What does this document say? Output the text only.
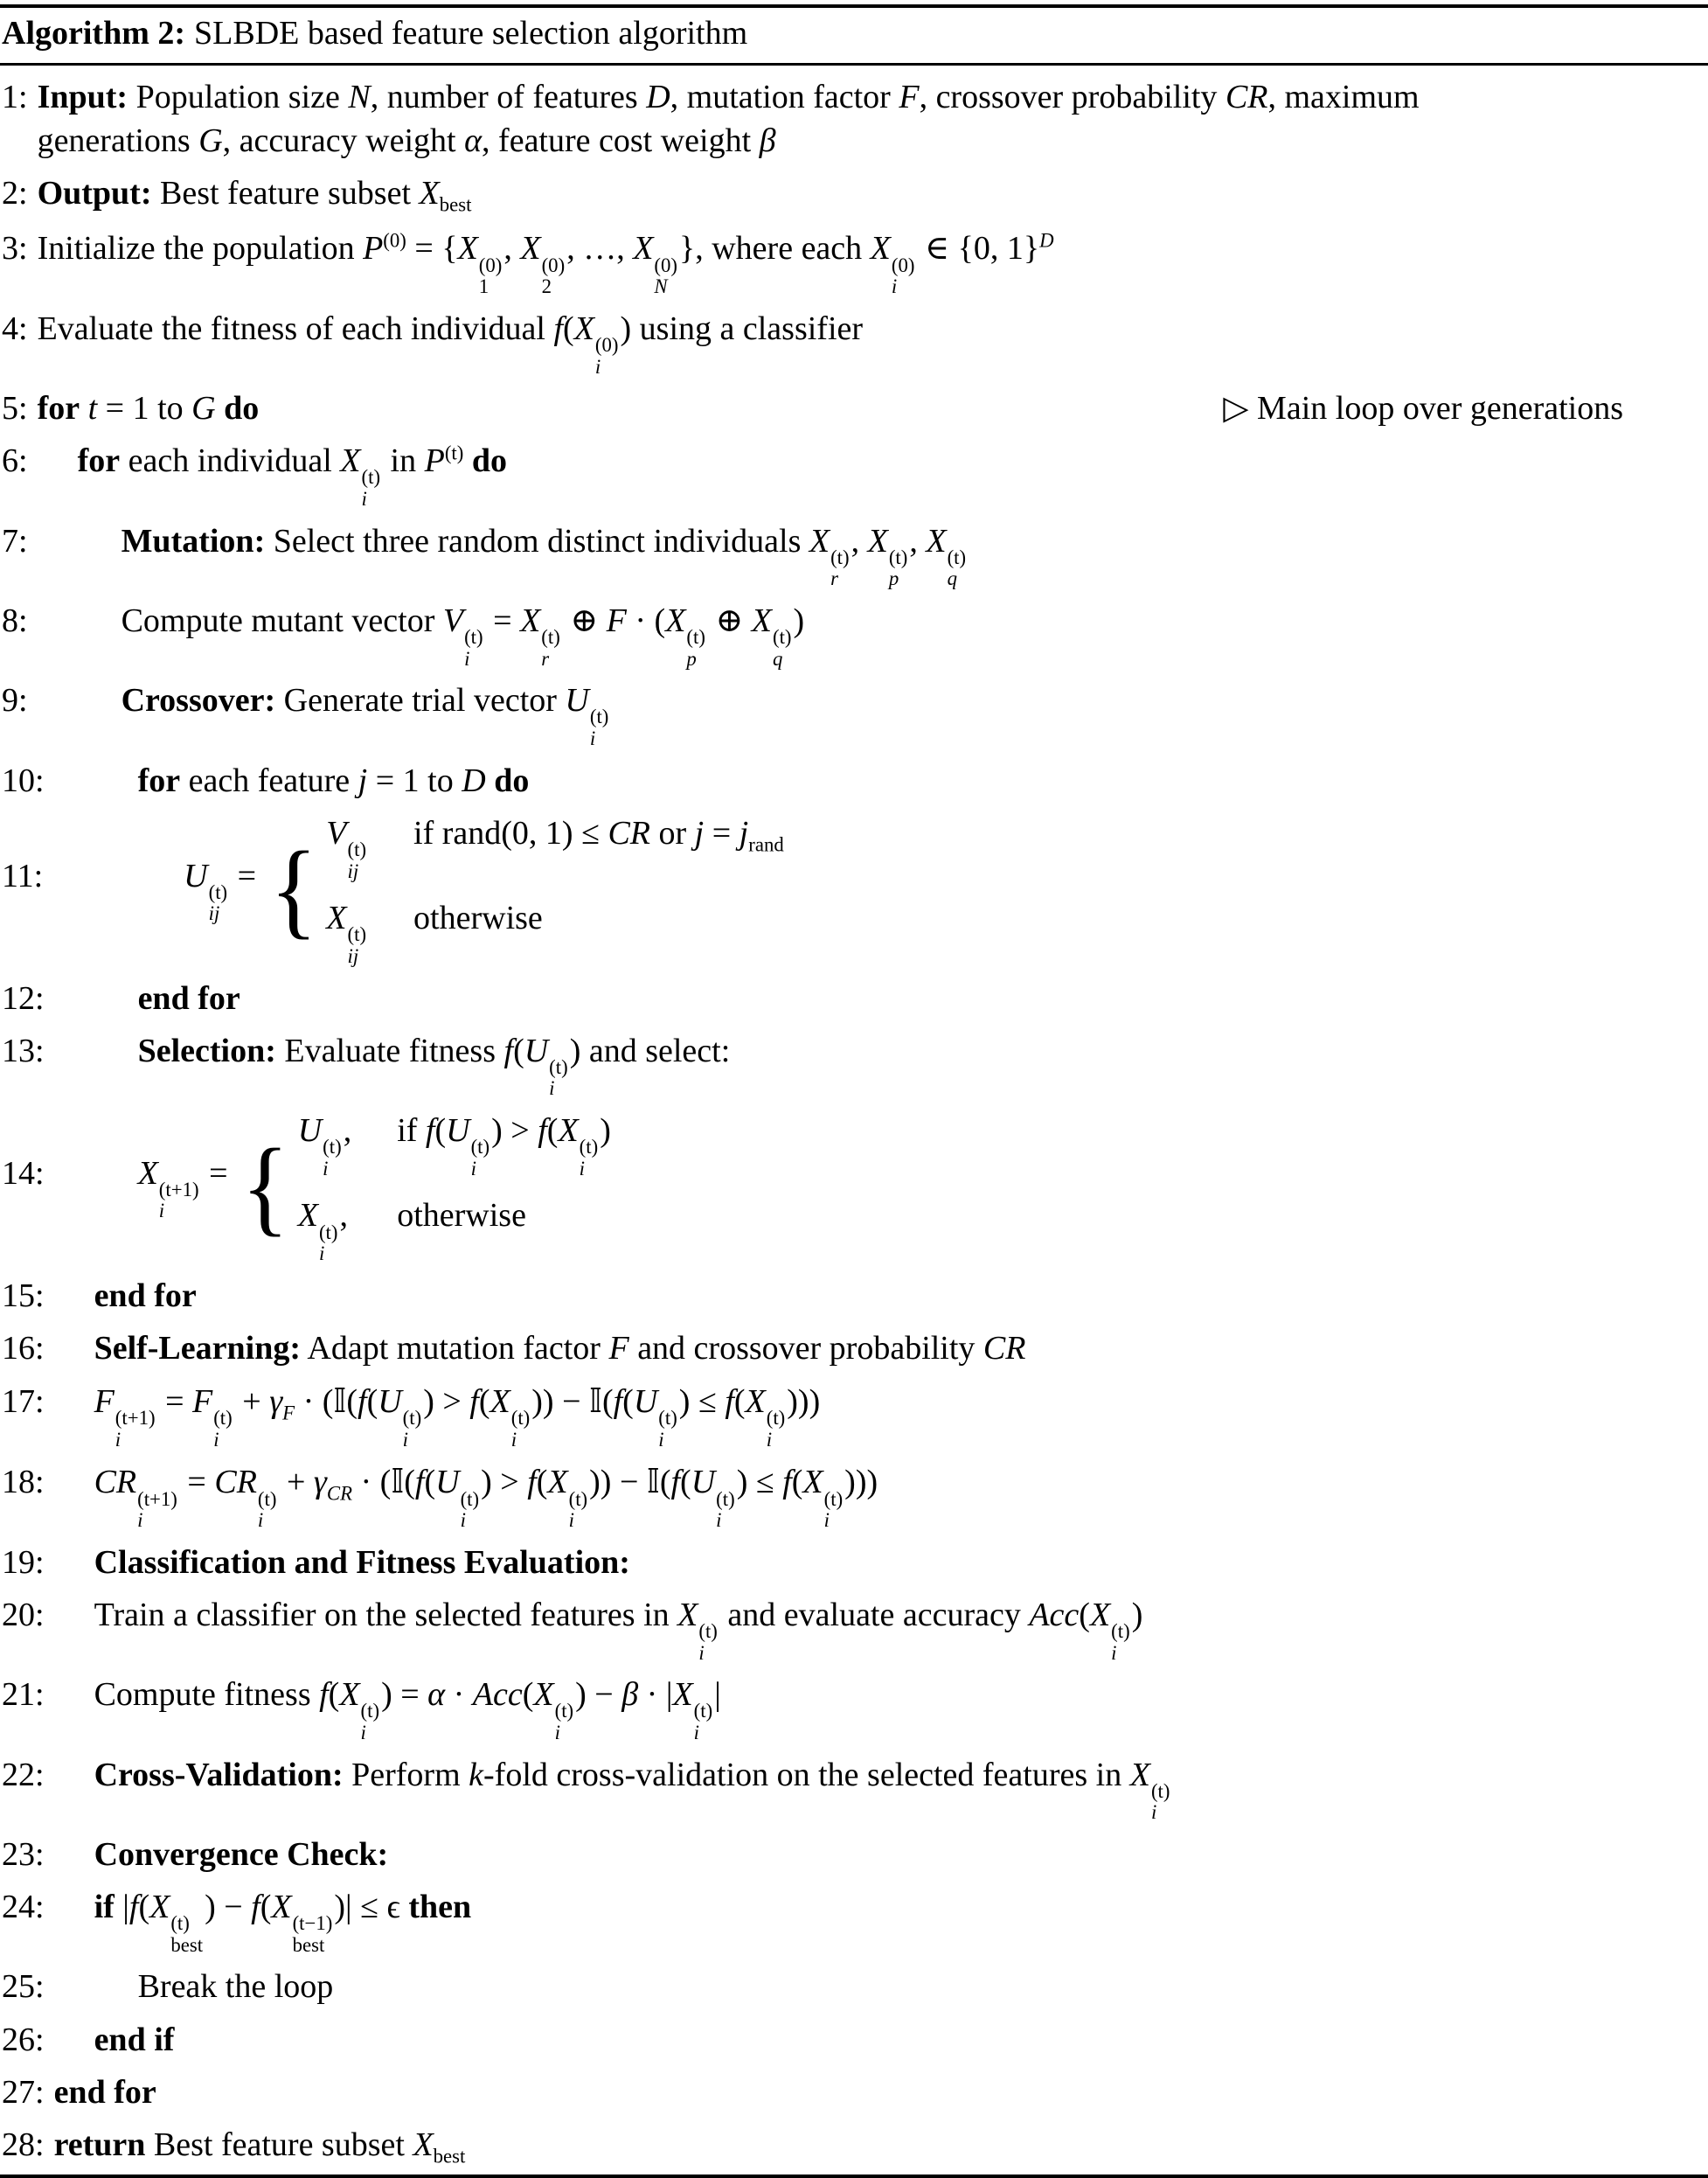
Algorithm 2: SLBDE based feature selection algorithm
1: Input: Population size N, number of features D, mutation factor F, crossover probability CR, maximum
generations G, accuracy weight α, feature cost weight β
2: Output: Best feature subset $X_{best}$
3: Initialize the population $P^{(0)} = \{X$ (0)
1
, X (0)
2
, …, X (0)
N
}, where each X (0)
i
∈ {0, 1}$^D$
4: Evaluate the fitness of each individual f(X (0)
i
) using a classifier
5: for t = 1 to G do	▷ Main loop over generations
6:	for each individual X (t)
i
in $P^{(t)}$ do
7:	Mutation: Select three random distinct individuals X (t)
r
, X (t)
p
, X (t)
q
8:	Compute mutant vector V (t)
i
= X (t)
r
⊕ F · (X (t)
p
⊕ X (t)
q
)
9:	Crossover: Generate trial vector U (t)
i
10:	for each feature j = 1 to D do
11:	U (t)
ij
= { V (t)
ij
if rand(0, 1) ≤ CR or $j = j_{rand}$
X (t)
ij
otherwise
12:	end for
13:	Selection: Evaluate fitness f(U (t)
i
) and select:
14:	X (t+1)
i
= { U (t)
i
, if f(U (t)
i
) > f(X (t)
i
)
X (t)
i
, otherwise
15:	end for
16:	Self-Learning: Adapt mutation factor F and crossover probability CR
17:	F (t+1)
i
= F (t)
i
+ $\gamma_F$ · (𝕀(f(U (t)
i
) > f(X (t)
i
)) − 𝕀(f(U (t)
i
) ≤ f(X (t)
i
)))
18:	CR (t+1)
i
= CR (t)
i
+ $\gamma_{CR}$ · (𝕀(f(U (t)
i
) > f(X (t)
i
)) − 𝕀(f(U (t)
i
) ≤ f(X (t)
i
)))
19:	Classification and Fitness Evaluation:
20:	Train a classifier on the selected features in X (t)
i
and evaluate accuracy Acc(X (t)
i
)
21:	Compute fitness f(X (t)
i
) = α · Acc(X (t)
i
) − β · |X (t)
i
|
22:	Cross-Validation: Perform k-fold cross-validation on the selected features in X (t)
i
23:	Convergence Check:
24:	if |f(X (t)
best
) − f(X (t−1)
best
)| ≤ ϵ then
25:	Break the loop
26:	end if
27: end for
28: return Best feature subset $X_{best}$
